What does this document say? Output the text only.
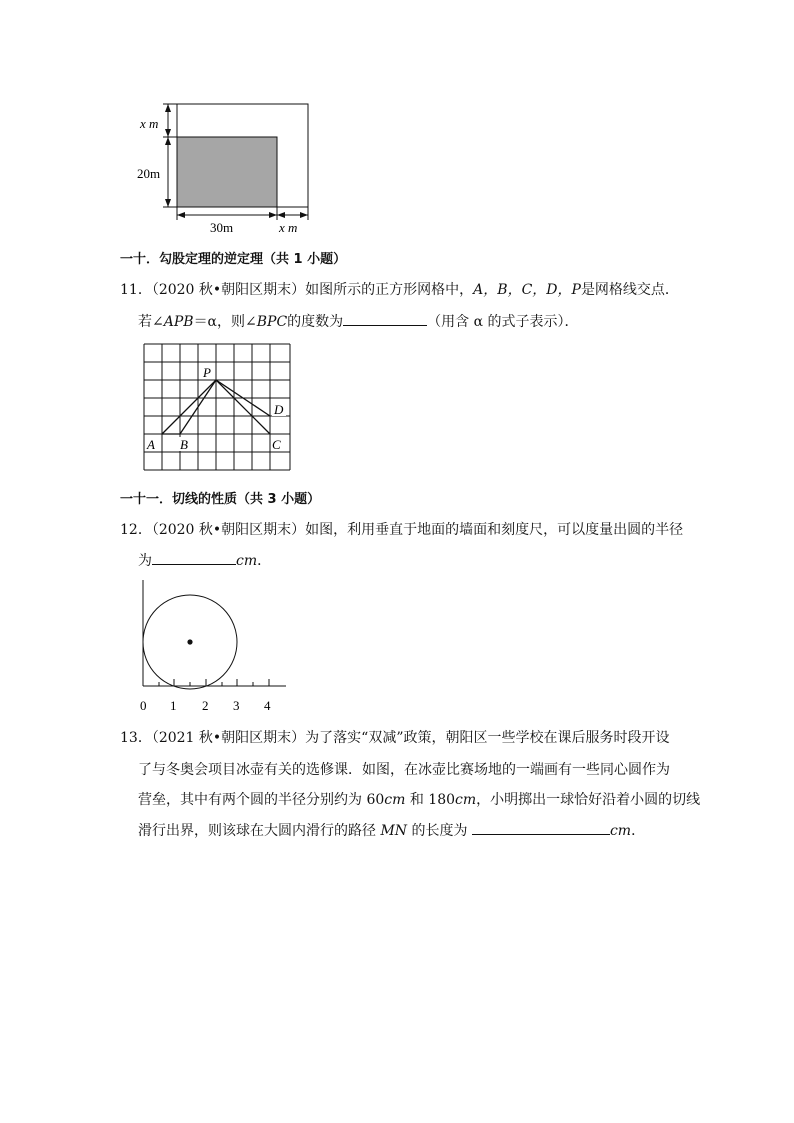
x m
20m
30m	x m
一十．勾股定理的逆定理（共 1 小题）
11．（2020 秋•朝阳区期末）如图所示的正方形网格中，A，B，C，D，P是网格线交点．
若∠APB＝α，则∠BPC的度数为	（用含 α 的式子表示）．
P
D
A B	C
一十一．切线的性质（共 3 小题）
12．（2020 秋•朝阳区期末）如图，利用垂直于地面的墙面和刻度尺，可以度量出圆的半径
为	cm．
0 1 2 3 4
13．（2021 秋•朝阳区期末）为了落实“双减”政策，朝阳区一些学校在课后服务时段开设
了与冬奥会项目冰壶有关的选修课．如图，在冰壶比赛场地的一端画有一些同心圆作为
营垒，其中有两个圆的半径分别约为 60cm 和 180cm，小明掷出一球恰好沿着小圆的切线
滑行出界，则该球在大圆内滑行的路径 MN 的长度为	cm．
